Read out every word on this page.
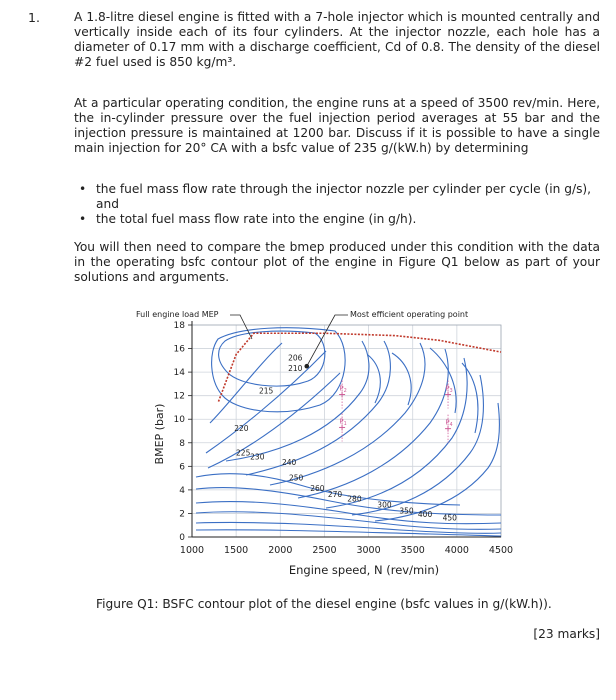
1.	A 1.8-litre diesel engine is fitted with a 7-hole injector which is mounted centrally and vertically inside each of its four cylinders. At the injector nozzle, each hole has a diameter of 0.17 mm with a discharge coefficient, Cd of 0.8. The density of the diesel #2 fuel used is 850 kg/m³.

At a particular operating condition, the engine runs at a speed of 3500 rev/min. Here, the in-cylinder pressure over the fuel injection period averages at 55 bar and the injection pressure is maintained at 1200 bar. Discuss if it is possible to have a single main injection for 20° CA with a bsfc value of 235 g/(kW.h) by determining

• the fuel mass flow rate through the injector nozzle per cylinder per cycle (in g/s), and
• the total fuel mass flow rate into the engine (in g/h).

You will then need to compare the bmep produced under this condition with the data in the operating bsfc contour plot of the engine in Figure Q1 below as part of your solutions and arguments.

1000 1500 2000 2500 3000 3500 4000 4500
0
2
4
6
8
10
12
14
16
18
206
210
215
220
225 230
240
250
260
270
280
300
350 400 450
$P_2$	$P_3$
$P_1$	$P_4$
Full engine load MEP	Most efficient operating point
Engine speed, N (rev/min)
BMEP (bar)
Figure Q1: BSFC contour plot of the diesel engine (bsfc values in g/(kW.h)).
[23 marks]
